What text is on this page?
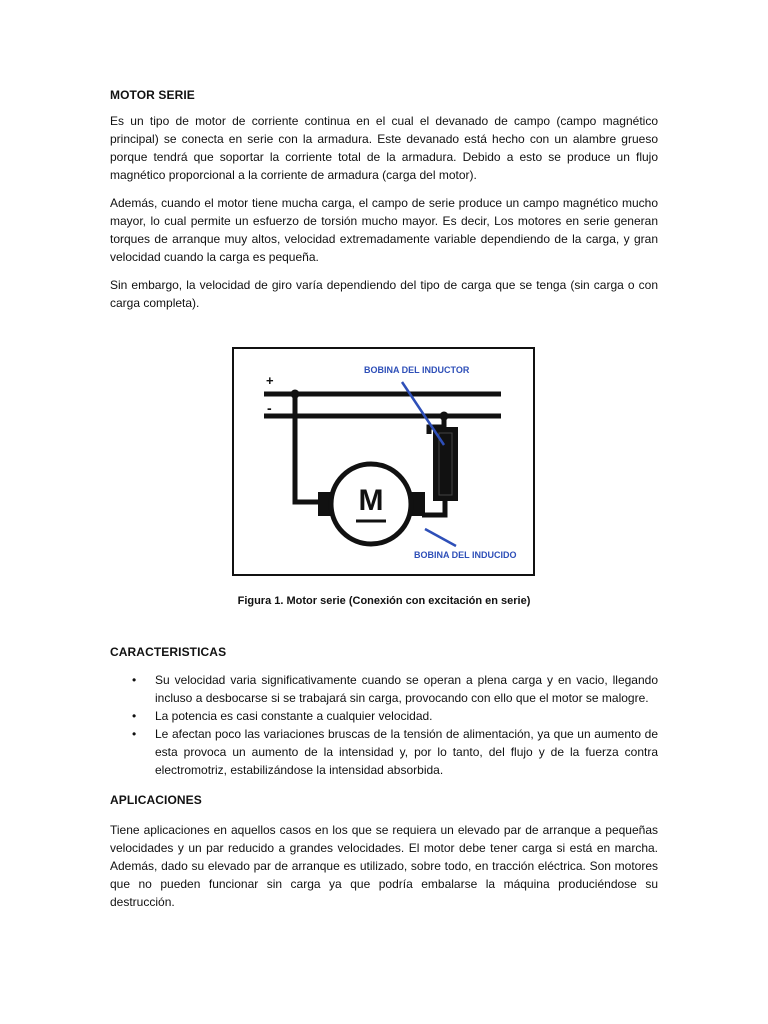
MOTOR SERIE

Es un tipo de motor de corriente continua en el cual el devanado de campo (campo magnético principal) se conecta en serie con la armadura. Este devanado está hecho con un alambre grueso porque tendrá que soportar la corriente total de la armadura. Debido a esto se produce un flujo magnético proporcional a la corriente de armadura (carga del motor).

Además, cuando el motor tiene mucha carga, el campo de serie produce un campo magnético mucho mayor, lo cual permite un esfuerzo de torsión mucho mayor. Es decir, Los motores en serie generan torques de arranque muy altos, velocidad extremadamente variable dependiendo de la carga, y gran velocidad cuando la carga es pequeña.

Sin embargo, la velocidad de giro varía dependiendo del tipo de carga que se tenga (sin carga o con carga completa).

+
-
M
BOBINA DEL INDUCTOR
BOBINA DEL INDUCIDO
Figura 1. Motor serie (Conexión con excitación en serie)
CARACTERISTICAS
• Su velocidad varia significativamente cuando se operan a plena carga y en vacio, llegando incluso a desbocarse si se trabajará sin carga, provocando con ello que el motor se malogre.
• La potencia es casi constante a cualquier velocidad.
• Le afectan poco las variaciones bruscas de la tensión de alimentación, ya que un aumento de esta provoca un aumento de la intensidad y, por lo tanto, del flujo y de la fuerza contra electromotriz, estabilizándose la intensidad absorbida.
APLICACIONES

Tiene aplicaciones en aquellos casos en los que se requiera un elevado par de arranque a pequeñas velocidades y un par reducido a grandes velocidades. El motor debe tener carga si está en marcha. Además, dado su elevado par de arranque es utilizado, sobre todo, en tracción eléctrica. Son motores que no pueden funcionar sin carga ya que podría embalarse la máquina produciéndose su destrucción.
